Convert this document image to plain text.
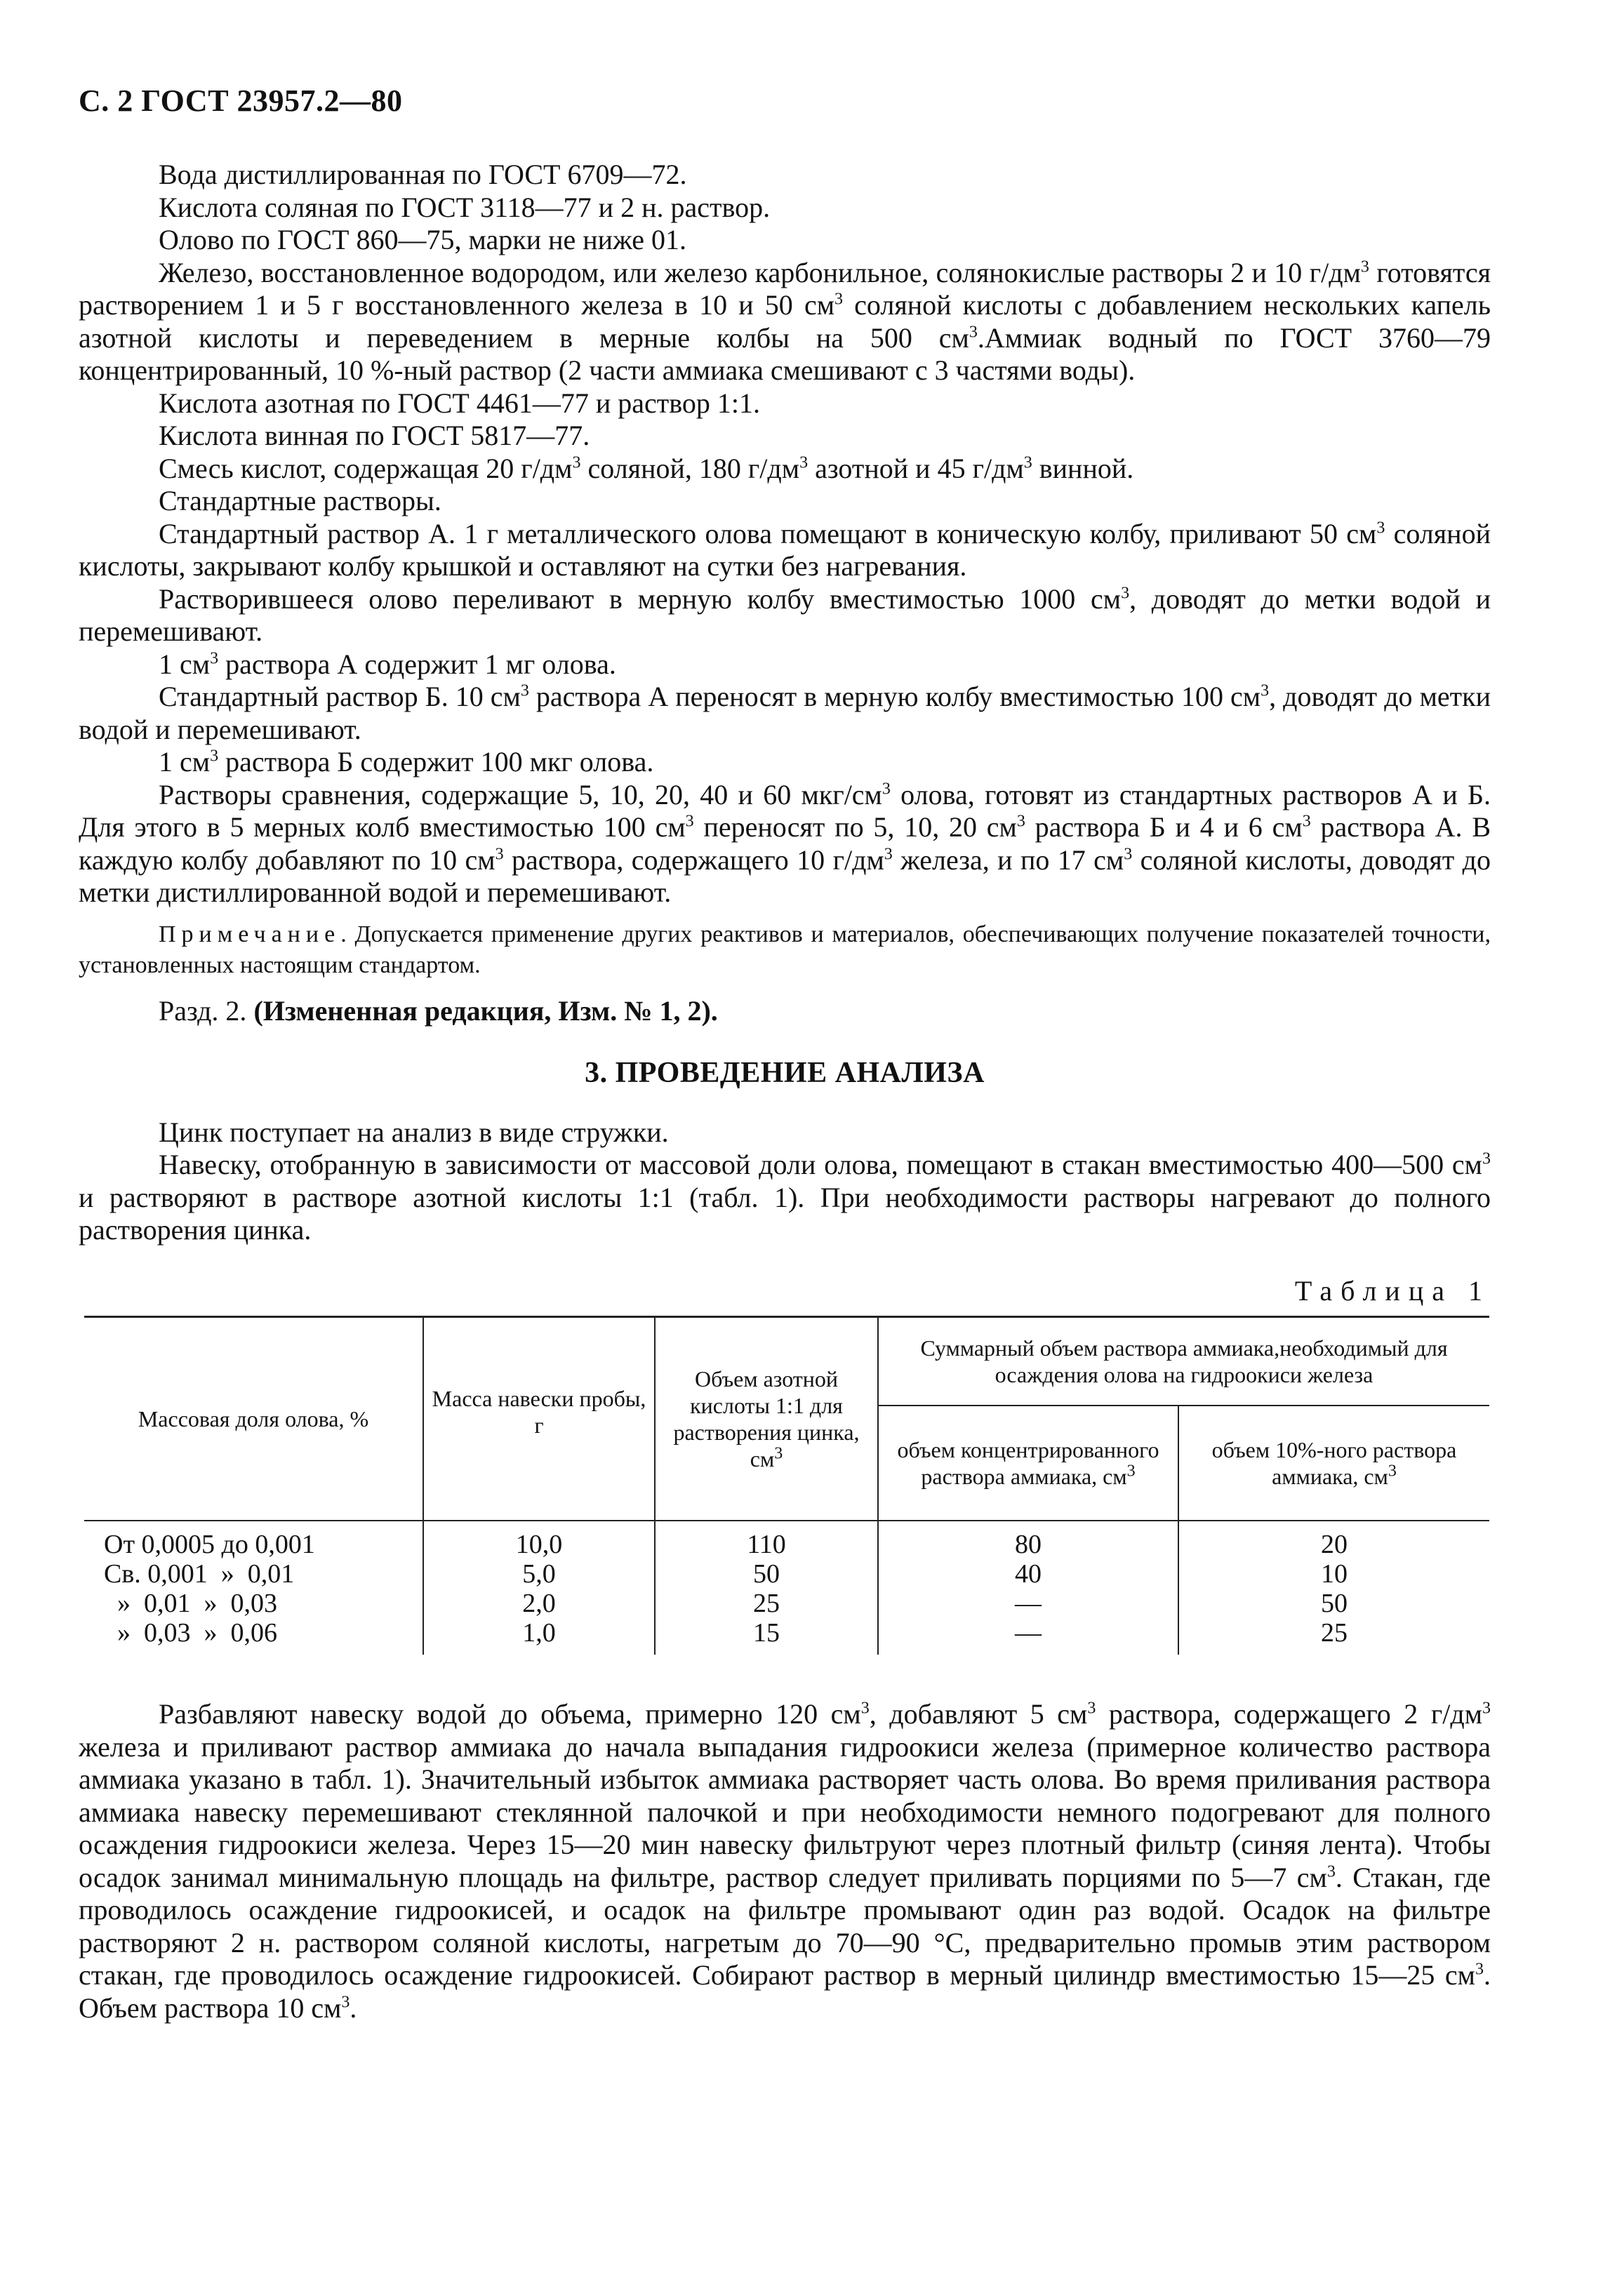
С. 2 ГОСТ 23957.2—80

Вода дистиллированная по ГОСТ 6709—72.

Кислота соляная по ГОСТ 3118—77 и 2 н. раствор.

Олово по ГОСТ 860—75, марки не ниже 01.

Железо, восстановленное водородом, или железо карбонильное, солянокислые растворы 2 и 10 $г/дм^3$ готовятся растворением 1 и 5 г восстановленного железа в 10 и 50 $см^3$ соляной кислоты с добавлением нескольких капель азотной кислоты и переведением в мерные колбы на 500 $см^3.Аммиак$ водный по ГОСТ 3760—79 концентрированный, 10 %-ный раствор (2 части аммиака смешивают с 3 частями воды).

Кислота азотная по ГОСТ 4461—77 и раствор 1:1.

Кислота винная по ГОСТ 5817—77.

Смесь кислот, содержащая 20 $г/дм^3$ соляной, 180 $г/дм^3$ азотной и 45 $г/дм^3$ винной.

Стандартные растворы.

Стандартный раствор А. 1 г металлического олова помещают в коническую колбу, приливают 50 $см^3$ соляной кислоты, закрывают колбу крышкой и оставляют на сутки без нагревания.

Растворившееся олово переливают в мерную колбу вместимостью 1000 $см^3$, доводят до метки водой и перемешивают.

1 $см^3$ раствора А содержит 1 мг олова.

Стандартный раствор Б. 10 $см^3$ раствора А переносят в мерную колбу вместимостью 100 $см^3$, доводят до метки водой и перемешивают.

1 $см^3$ раствора Б содержит 100 мкг олова.

Растворы сравнения, содержащие 5, 10, 20, 40 и 60 мкг/$см^3$ олова, готовят из стандартных растворов А и Б. Для этого в 5 мерных колб вместимостью 100 $см^3$ переносят по 5, 10, 20 $см^3$ раствора Б и 4 и 6 $см^3$ раствора А. В каждую колбу добавляют по 10 $см^3$ раствора, содержащего 10 $г/дм^3$ железа, и по 17 $см^3$ соляной кислоты, доводят до метки дистиллированной водой и перемешивают.

Примечание. Допускается применение других реактивов и материалов, обеспечивающих получение показателей точности, установленных настоящим стандартом.

Разд. 2. (Измененная редакция, Изм. № 1, 2).

3. ПРОВЕДЕНИЕ АНАЛИЗА

Цинк поступает на анализ в виде стружки.

Навеску, отобранную в зависимости от массовой доли олова, помещают в стакан вместимостью 400—500 $см^3$ и растворяют в растворе азотной кислоты 1:1 (табл. 1). При необходимости растворы нагревают до полного растворения цинка.

Таблица 1

Массовая доля олова, %	Масса навески пробы, г	Объем азотной кислоты 1:1 для растворения цинка, $см^3$	Суммарный объем раствора аммиака,необходимый для осаждения олова на гидроокиси железа	
			объем концентрированного раствора аммиака, $см^3$	объем 10%-ного раствора аммиака, $см^3$
От 0,0005 до 0,001	10,0	110	80	20
Св. 0,001  »  0,01	5,0	50	40	10
»  0,01  »  0,03	2,0	25	—	50
»  0,03  »  0,06	1,0	15	—	25

Разбавляют навеску водой до объема, примерно 120 $см^3$, добавляют 5 $см^3$ раствора, содержащего 2 $г/дм^3$ железа и приливают раствор аммиака до начала выпадания гидроокиси железа (примерное количество раствора аммиака указано в табл. 1). Значительный избыток аммиака растворяет часть олова. Во время приливания раствора аммиака навеску перемешивают стеклянной палочкой и при необходимости немного подогревают для полного осаждения гидроокиси железа. Через 15—20 мин навеску фильтруют через плотный фильтр (синяя лента). Чтобы осадок занимал минимальную площадь на фильтре, раствор следует приливать порциями по 5—7 $см^3$. Стакан, где проводилось осаждение гидроокисей, и осадок на фильтре промывают один раз водой. Осадок на фильтре растворяют 2 н. раствором соляной кислоты, нагретым до 70—90 °С, предварительно промыв этим раствором стакан, где проводилось осаждение гидроокисей. Собирают раствор в мерный цилиндр вместимостью 15—25 $см^3$. Объем раствора 10 $см^3$.
